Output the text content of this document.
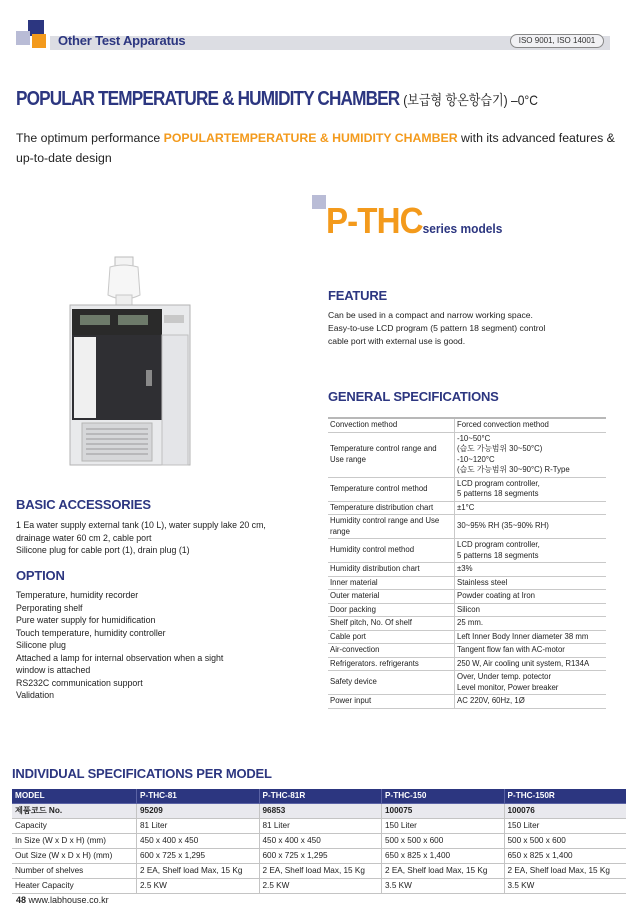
Other Test Apparatus	ISO 9001, ISO 14001
POPULAR TEMPERATURE & HUMIDITY CHAMBER (보급형 항온항습기) –0°C
The optimum performance POPULARTEMPERATURE & HUMIDITY CHAMBER with its advanced features & up-to-date design
P-THCseries models
FEATURE
Can be used in a compact and narrow working space.
Easy-to-use LCD program (5 pattern 18 segment) control
cable port with external use is good.
GENERAL SPECIFICATIONS
Convection method	Forced convection method

Temperature control range and Use range	-10~50°C
(습도 가능범위 30~50°C)
-10~120°C
(습도 가능범위 30~90°C) R-Type

Temperature control method	LCD program controller,
5 patterns 18 segments

Temperature distribution chart	±1°C

Humidity control range and Use range	30~95% RH (35~90% RH)

Humidity control method	LCD program controller,
5 patterns 18 segments

Humidity distribution chart	±3%

Inner material	Stainless steel

Outer material	Powder coating at Iron

Door packing	Silicon

Shelf pitch, No. Of shelf	25 mm.

Cable port	Left Inner Body Inner diameter 38 mm

Air-convection	Tangent flow fan with AC-motor

Refrigerators. refrigerants	250 W, Air cooling unit system, R134A

Safety device	Over, Under temp. potector
Level monitor, Power breaker

Power input	AC 220V, 60Hz, 1Ø
BASIC ACCESSORIES
1 Ea water supply external tank (10 L), water supply lake 20 cm,
drainage water 60 cm 2, cable port
Silicone plug for cable port (1), drain plug (1)
OPTION
Temperature, humidity recorder
Perporating shelf
Pure water supply for humidification
Touch temperature, humidity controller
Silicone plug
Attached a lamp for internal observation when a sight
window is attached
RS232C communication support
Validation
INDIVIDUAL SPECIFICATIONS PER MODEL
MODEL	P-THC-81	P-THC-81R	P-THC-150	P-THC-150R
제품코드 No.	95209	96853	100075	100076
Capacity	81 Liter	81 Liter	150 Liter	150 Liter
In Size (W x D x H) (mm)	450 x 400 x 450	450 x 400 x 450	500 x 500 x 600	500 x 500 x 600
Out Size (W x D x H) (mm)	600 x 725 x 1,295	600 x 725 x 1,295	650 x 825 x 1,400	650 x 825 x 1,400
Number of shelves	2 EA, Shelf load Max, 15 Kg	2 EA, Shelf load Max, 15 Kg	2 EA, Shelf load Max, 15 Kg	2 EA, Shelf load Max, 15 Kg
Heater Capacity	2.5 KW	2.5 KW	3.5 KW	3.5 KW
48 www.labhouse.co.kr
